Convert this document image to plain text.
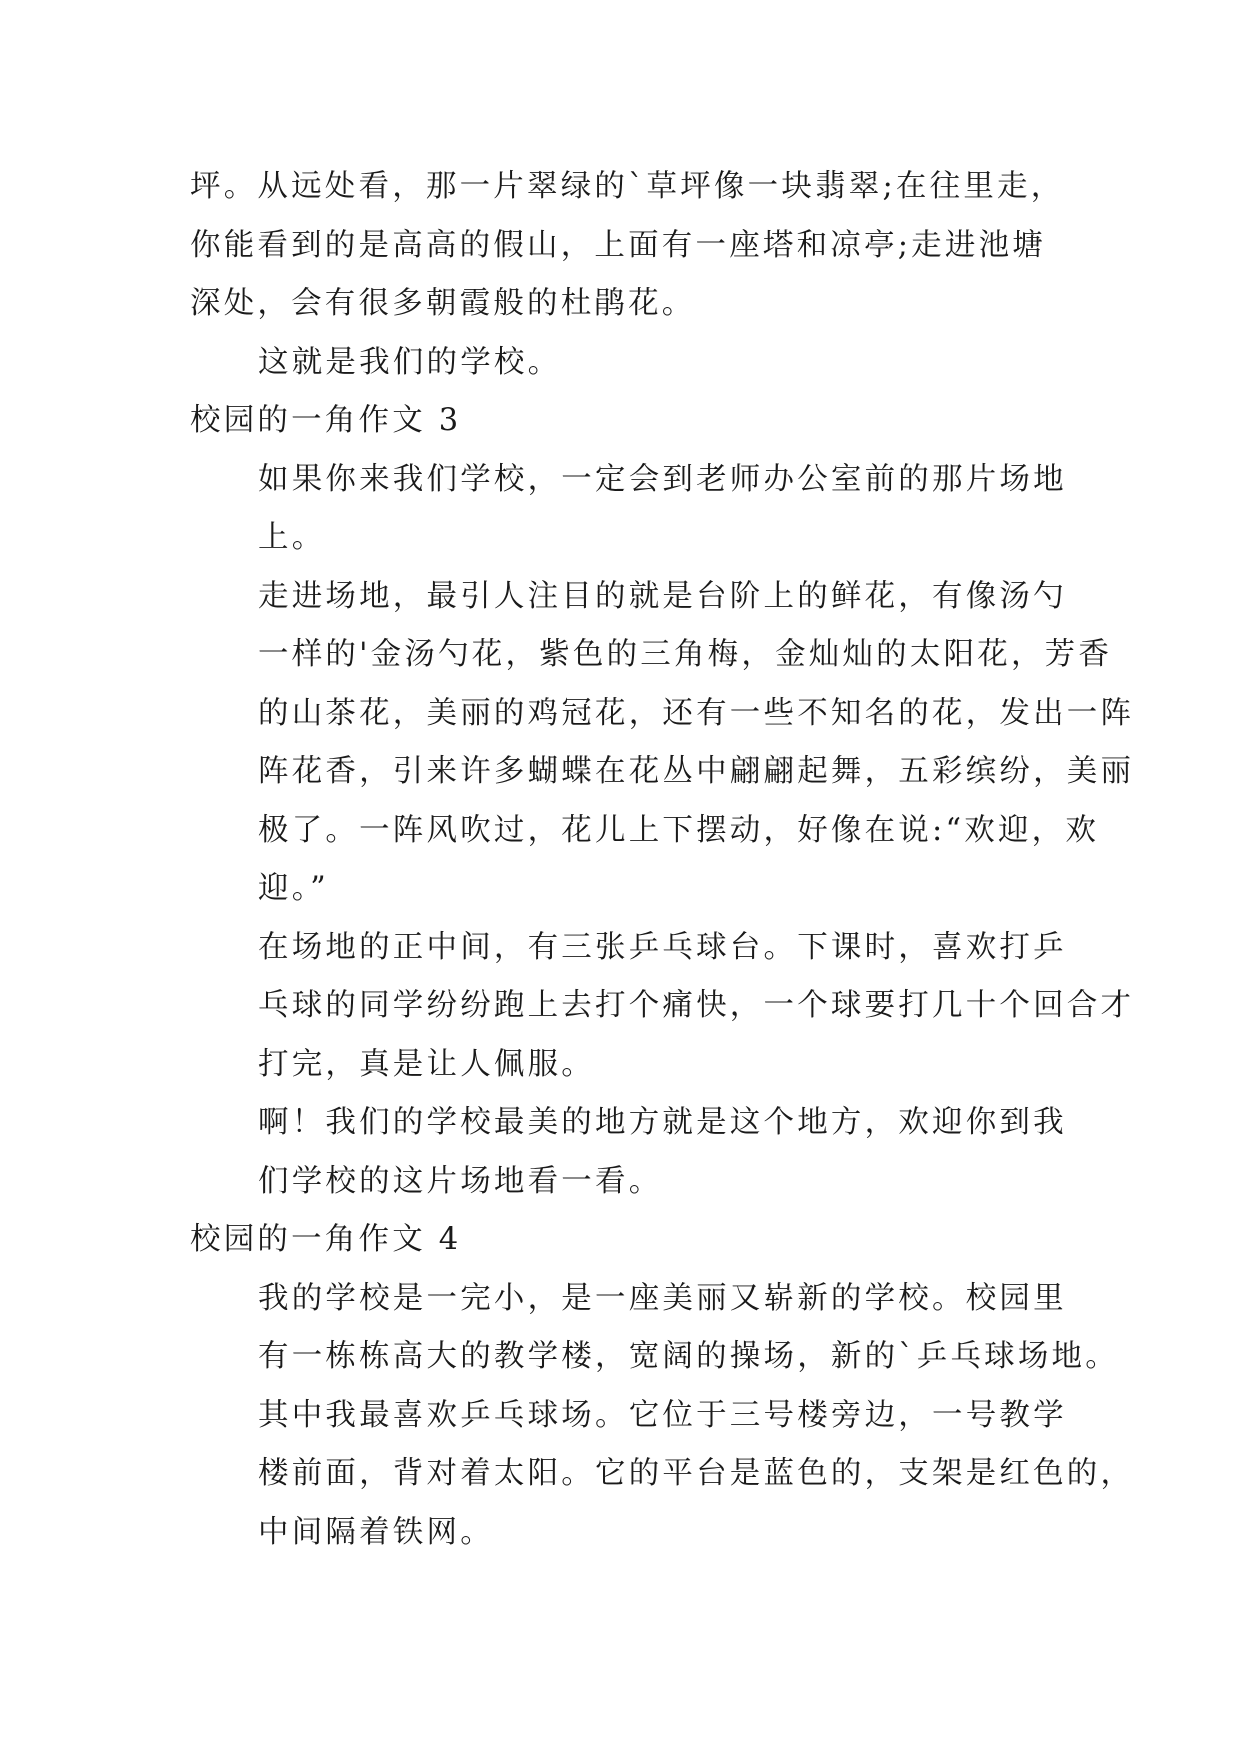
坪。从远处看，那一片翠绿的`草坪像一块翡翠;在往里走，
你能看到的是高高的假山，上面有一座塔和凉亭;走进池塘
深处，会有很多朝霞般的杜鹃花。
这就是我们的学校。
校园的一角作文 3
如果你来我们学校，一定会到老师办公室前的那片场地
上。
走进场地，最引人注目的就是台阶上的鲜花，有像汤勺
一样的'金汤勺花，紫色的三角梅，金灿灿的太阳花，芳香
的山茶花，美丽的鸡冠花，还有一些不知名的花，发出一阵
阵花香，引来许多蝴蝶在花丛中翩翩起舞，五彩缤纷，美丽
极了。一阵风吹过，花儿上下摆动，好像在说:“欢迎，欢
迎。”
在场地的正中间，有三张乒乓球台。下课时，喜欢打乒
乓球的同学纷纷跑上去打个痛快，一个球要打几十个回合才
打完，真是让人佩服。
啊！我们的学校最美的地方就是这个地方，欢迎你到我
们学校的这片场地看一看。
校园的一角作文 4
我的学校是一完小，是一座美丽又崭新的学校。校园里
有一栋栋高大的教学楼，宽阔的操场，新的`乒乓球场地。
其中我最喜欢乒乓球场。它位于三号楼旁边，一号教学
楼前面，背对着太阳。它的平台是蓝色的，支架是红色的，
中间隔着铁网。
